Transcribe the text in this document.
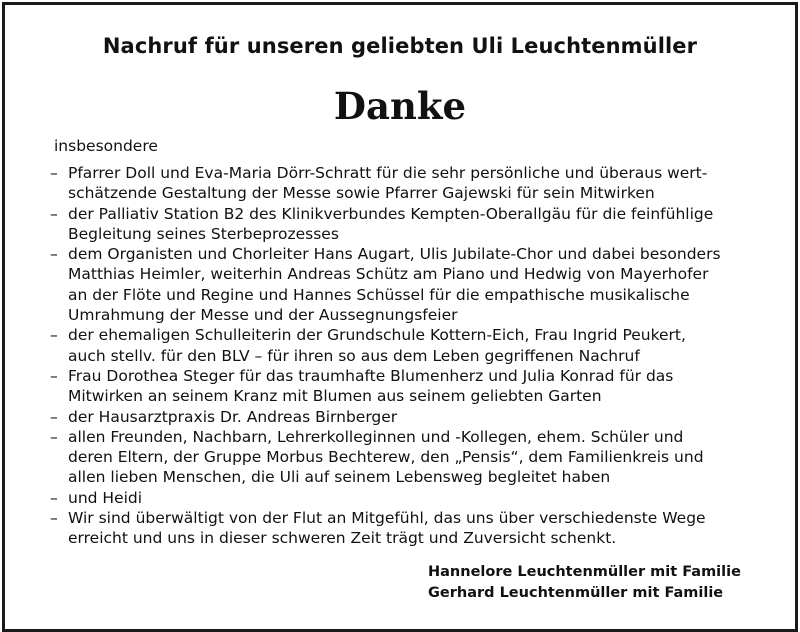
Nachruf für unseren geliebten Uli Leuchtenmüller
Danke
insbesondere
– Pfarrer Doll und Eva-Maria Dörr-Schratt für die sehr persönliche und überaus wert-
schätzende Gestaltung der Messe sowie Pfarrer Gajewski für sein Mitwirken
– der Palliativ Station B2 des Klinikverbundes Kempten-Oberallgäu für die feinfühlige
Begleitung seines Sterbeprozesses
– dem Organisten und Chorleiter Hans Augart, Ulis Jubilate-Chor und dabei besonders
Matthias Heimler, weiterhin Andreas Schütz am Piano und Hedwig von Mayerhofer
an der Flöte und Regine und Hannes Schüssel für die empathische musikalische
Umrahmung der Messe und der Aussegnungsfeier
– der ehemaligen Schulleiterin der Grundschule Kottern-Eich, Frau Ingrid Peukert,
auch stellv. für den BLV – für ihren so aus dem Leben gegriffenen Nachruf
– Frau Dorothea Steger für das traumhafte Blumenherz und Julia Konrad für das
Mitwirken an seinem Kranz mit Blumen aus seinem geliebten Garten
– der Hausarztpraxis Dr. Andreas Birnberger
– allen Freunden, Nachbarn, Lehrerkolleginnen und -Kollegen, ehem. Schüler und
deren Eltern, der Gruppe Morbus Bechterew, den „Pensis“, dem Familienkreis und
allen lieben Menschen, die Uli auf seinem Lebensweg begleitet haben
– und Heidi
– Wir sind überwältigt von der Flut an Mitgefühl, das uns über verschiedenste Wege
erreicht und uns in dieser schweren Zeit trägt und Zuversicht schenkt.
Hannelore Leuchtenmüller mit Familie
Gerhard Leuchtenmüller mit Familie
